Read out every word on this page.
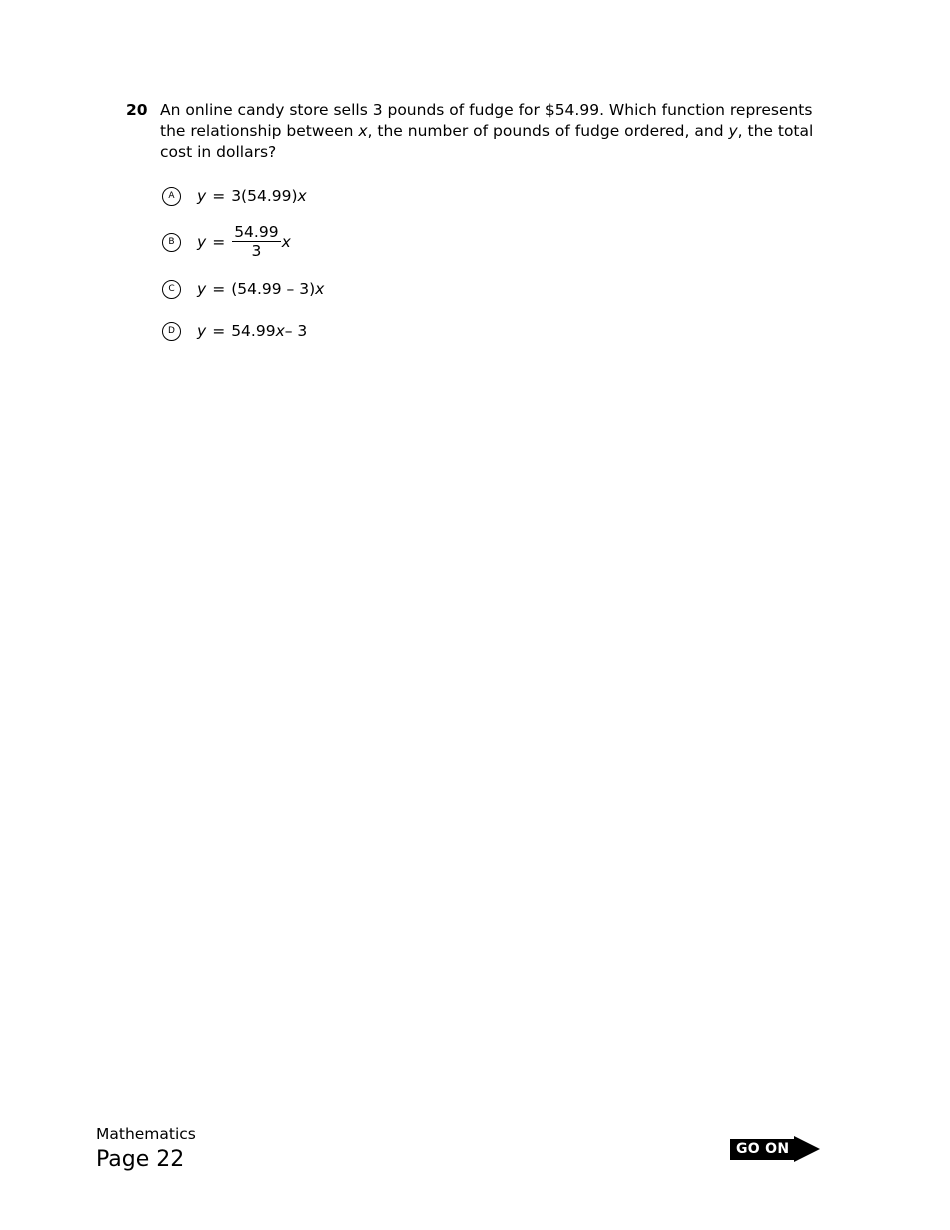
20 An online candy store sells 3 pounds of fudge for $54.99. Which function represents the relationship between x, the number of pounds of fudge ordered, and y, the total cost in dollars?
A	y = 3(54.99) x
B	$y = \frac{54.99}{3}$ x
C	y = (54.99 – 3) x
D	y = 54.99 x – 3
Mathematics
Page 22	GO ON
